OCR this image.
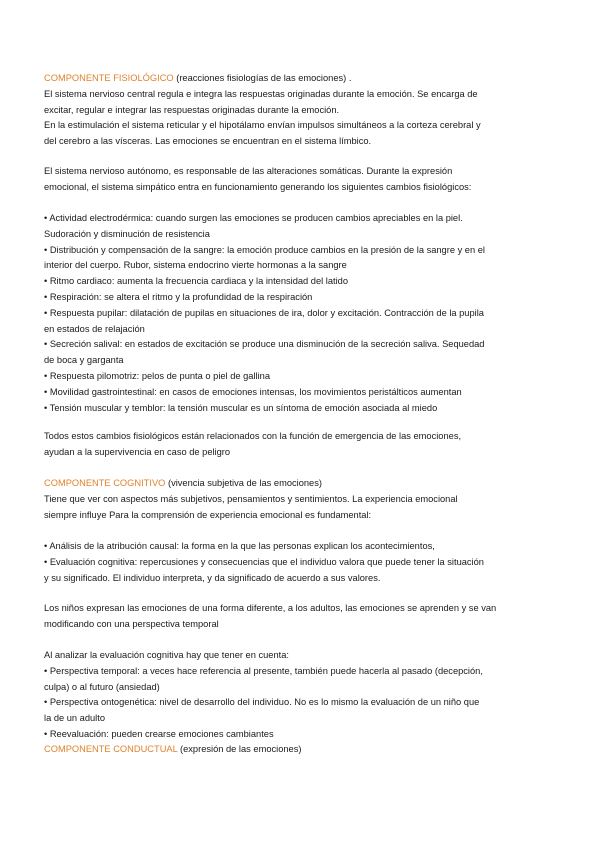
COMPONENTE FISIOLÓGICO (reacciones fisiologías de las emociones) .

El sistema nervioso central regula e integra las respuestas originadas durante la emoción. Se encarga de

excitar, regular e integrar las respuestas originadas durante la emoción.

En la estimulación el sistema reticular y el hipotálamo envían impulsos simultáneos a la corteza cerebral y

del cerebro a las vísceras. Las emociones se encuentran en el sistema límbico.

El sistema nervioso autónomo, es responsable de las alteraciones somáticas. Durante la expresión

emocional, el sistema simpático entra en funcionamiento generando los siguientes cambios fisiológicos:

• Actividad electrodérmica: cuando surgen las emociones se producen cambios apreciables en la piel.

Sudoración y disminución de resistencia

• Distribución y compensación de la sangre: la emoción produce cambios en la presión de la sangre y en el

interior del cuerpo. Rubor, sistema endocrino vierte hormonas a la sangre

• Ritmo cardiaco: aumenta la frecuencia cardiaca y la intensidad del latido

• Respiración: se altera el ritmo y la profundidad de la respiración

• Respuesta pupilar: dilatación de pupilas en situaciones de ira, dolor y excitación. Contracción de la pupila

en estados de relajación

• Secreción salival: en estados de excitación se produce una disminución de la secreción saliva. Sequedad

de boca y garganta

• Respuesta pilomotriz: pelos de punta o piel de gallina

• Movilidad gastrointestinal: en casos de emociones intensas, los movimientos peristálticos aumentan

• Tensión muscular y temblor: la tensión muscular es un síntoma de emoción asociada al miedo

Todos estos cambios fisiológicos están relacionados con la función de emergencia de las emociones,

ayudan a la supervivencia en caso de peligro

COMPONENTE COGNITIVO (vivencia subjetiva de las emociones)

Tiene que ver con aspectos más subjetivos, pensamientos y sentimientos. La experiencia emocional

siempre influye Para la comprensión de experiencia emocional es fundamental:

• Análisis de la atribución causal: la forma en la que las personas explican los acontecimientos,

• Evaluación cognitiva: repercusiones y consecuencias que el individuo valora que puede tener la situación

y su significado. El individuo interpreta, y da significado de acuerdo a sus valores.

Los niños expresan las emociones de una forma diferente, a los adultos, las emociones se aprenden y se van

modificando con una perspectiva temporal

Al analizar la evaluación cognitiva hay que tener en cuenta:

• Perspectiva temporal: a veces hace referencia al presente, también puede hacerla al pasado (decepción,

culpa) o al futuro (ansiedad)

• Perspectiva ontogenética: nivel de desarrollo del individuo. No es lo mismo la evaluación de un niño que

la de un adulto

• Reevaluación: pueden crearse emociones cambiantes

COMPONENTE CONDUCTUAL (expresión de las emociones)
